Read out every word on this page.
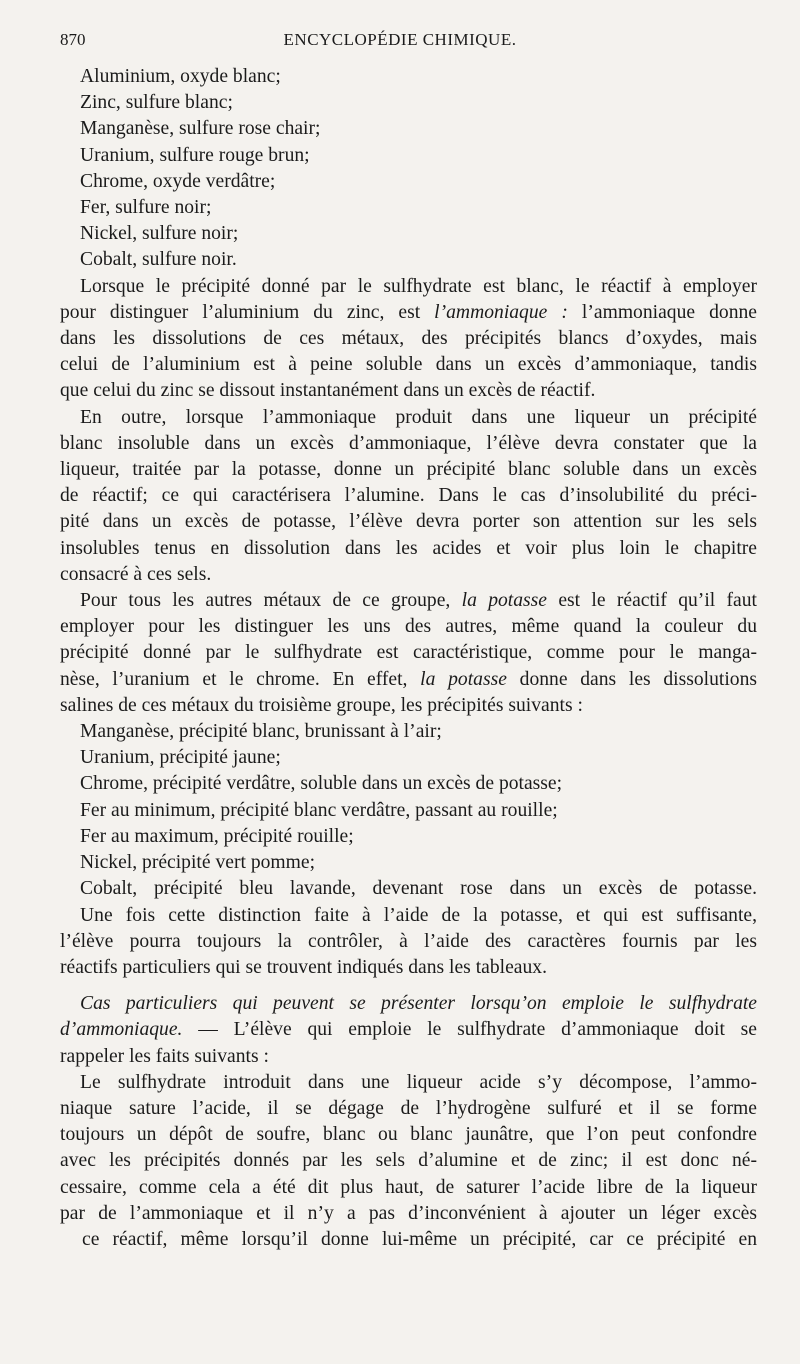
870	ENCYCLOPÉDIE CHIMIQUE.
Aluminium, oxyde blanc;
Zinc, sulfure blanc;
Manganèse, sulfure rose chair;
Uranium, sulfure rouge brun;
Chrome, oxyde verdâtre;
Fer, sulfure noir;
Nickel, sulfure noir;
Cobalt, sulfure noir.
Lorsque le précipité donné par le sulfhydrate est blanc, le réactif à employer
pour distinguer l’aluminium du zinc, est l’ammoniaque : l’ammoniaque donne
dans les dissolutions de ces métaux, des précipités blancs d’oxydes, mais
celui de l’aluminium est à peine soluble dans un excès d’ammoniaque, tandis
que celui du zinc se dissout instantanément dans un excès de réactif.
En outre, lorsque l’ammoniaque produit dans une liqueur un précipité
blanc insoluble dans un excès d’ammoniaque, l’élève devra constater que la
liqueur, traitée par la potasse, donne un précipité blanc soluble dans un excès
de réactif; ce qui caractérisera l’alumine. Dans le cas d’insolubilité du préci-
pité dans un excès de potasse, l’élève devra porter son attention sur les sels
insolubles tenus en dissolution dans les acides et voir plus loin le chapitre
consacré à ces sels.
Pour tous les autres métaux de ce groupe, la potasse est le réactif qu’il faut
employer pour les distinguer les uns des autres, même quand la couleur du
précipité donné par le sulfhydrate est caractéristique, comme pour le manga-
nèse, l’uranium et le chrome. En effet, la potasse donne dans les dissolutions
salines de ces métaux du troisième groupe, les précipités suivants :
Manganèse, précipité blanc, brunissant à l’air;
Uranium, précipité jaune;
Chrome, précipité verdâtre, soluble dans un excès de potasse;
Fer au minimum, précipité blanc verdâtre, passant au rouille;
Fer au maximum, précipité rouille;
Nickel, précipité vert pomme;
Cobalt, précipité bleu lavande, devenant rose dans un excès de potasse.
Une fois cette distinction faite à l’aide de la potasse, et qui est suffisante,
l’élève pourra toujours la contrôler, à l’aide des caractères fournis par les
réactifs particuliers qui se trouvent indiqués dans les tableaux.
Cas particuliers qui peuvent se présenter lorsqu’on emploie le sulfhydrate
d’ammoniaque. — L’élève qui emploie le sulfhydrate d’ammoniaque doit se
rappeler les faits suivants :
Le sulfhydrate introduit dans une liqueur acide s’y décompose, l’ammo-
niaque sature l’acide, il se dégage de l’hydrogène sulfuré et il se forme
toujours un dépôt de soufre, blanc ou blanc jaunâtre, que l’on peut confondre
avec les précipités donnés par les sels d’alumine et de zinc; il est donc né-
cessaire, comme cela a été dit plus haut, de saturer l’acide libre de la liqueur
par de l’ammoniaque et il n’y a pas d’inconvénient à ajouter un léger excès
ce réactif, même lorsqu’il donne lui-même un précipité, car ce précipité en
